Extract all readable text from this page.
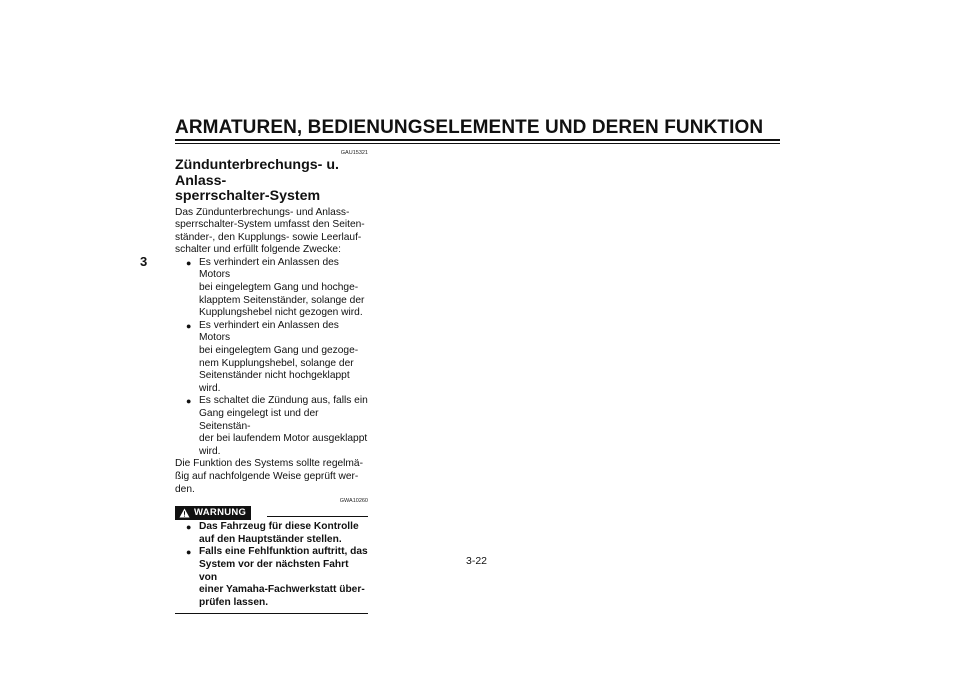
ARMATUREN, BEDIENUNGSELEMENTE UND DEREN FUNKTION
3
GAU15321
Zündunterbrechungs- u. Anlass-
sperrschalter-System
Das Zündunterbrechungs- und Anlass-
sperrschalter-System umfasst den Seiten-
ständer-, den Kupplungs- sowie Leerlauf-
schalter und erfüllt folgende Zwecke:
● Es verhindert ein Anlassen des Motors
bei eingelegtem Gang und hochge-
klapptem Seitenständer, solange der
Kupplungshebel nicht gezogen wird.
● Es verhindert ein Anlassen des Motors
bei eingelegtem Gang und gezoge-
nem Kupplungshebel, solange der
Seitenständer nicht hochgeklappt
wird.
● Es schaltet die Zündung aus, falls ein
Gang eingelegt ist und der Seitenstän-
der bei laufendem Motor ausgeklappt
wird.
Die Funktion des Systems sollte regelmä-
ßig auf nachfolgende Weise geprüft wer-
den.
GWA10260
WARNUNG
● Das Fahrzeug für diese Kontrolle
auf den Hauptständer stellen.
● Falls eine Fehlfunktion auftritt, das
System vor der nächsten Fahrt von
einer Yamaha-Fachwerkstatt über-
prüfen lassen.
3-22
